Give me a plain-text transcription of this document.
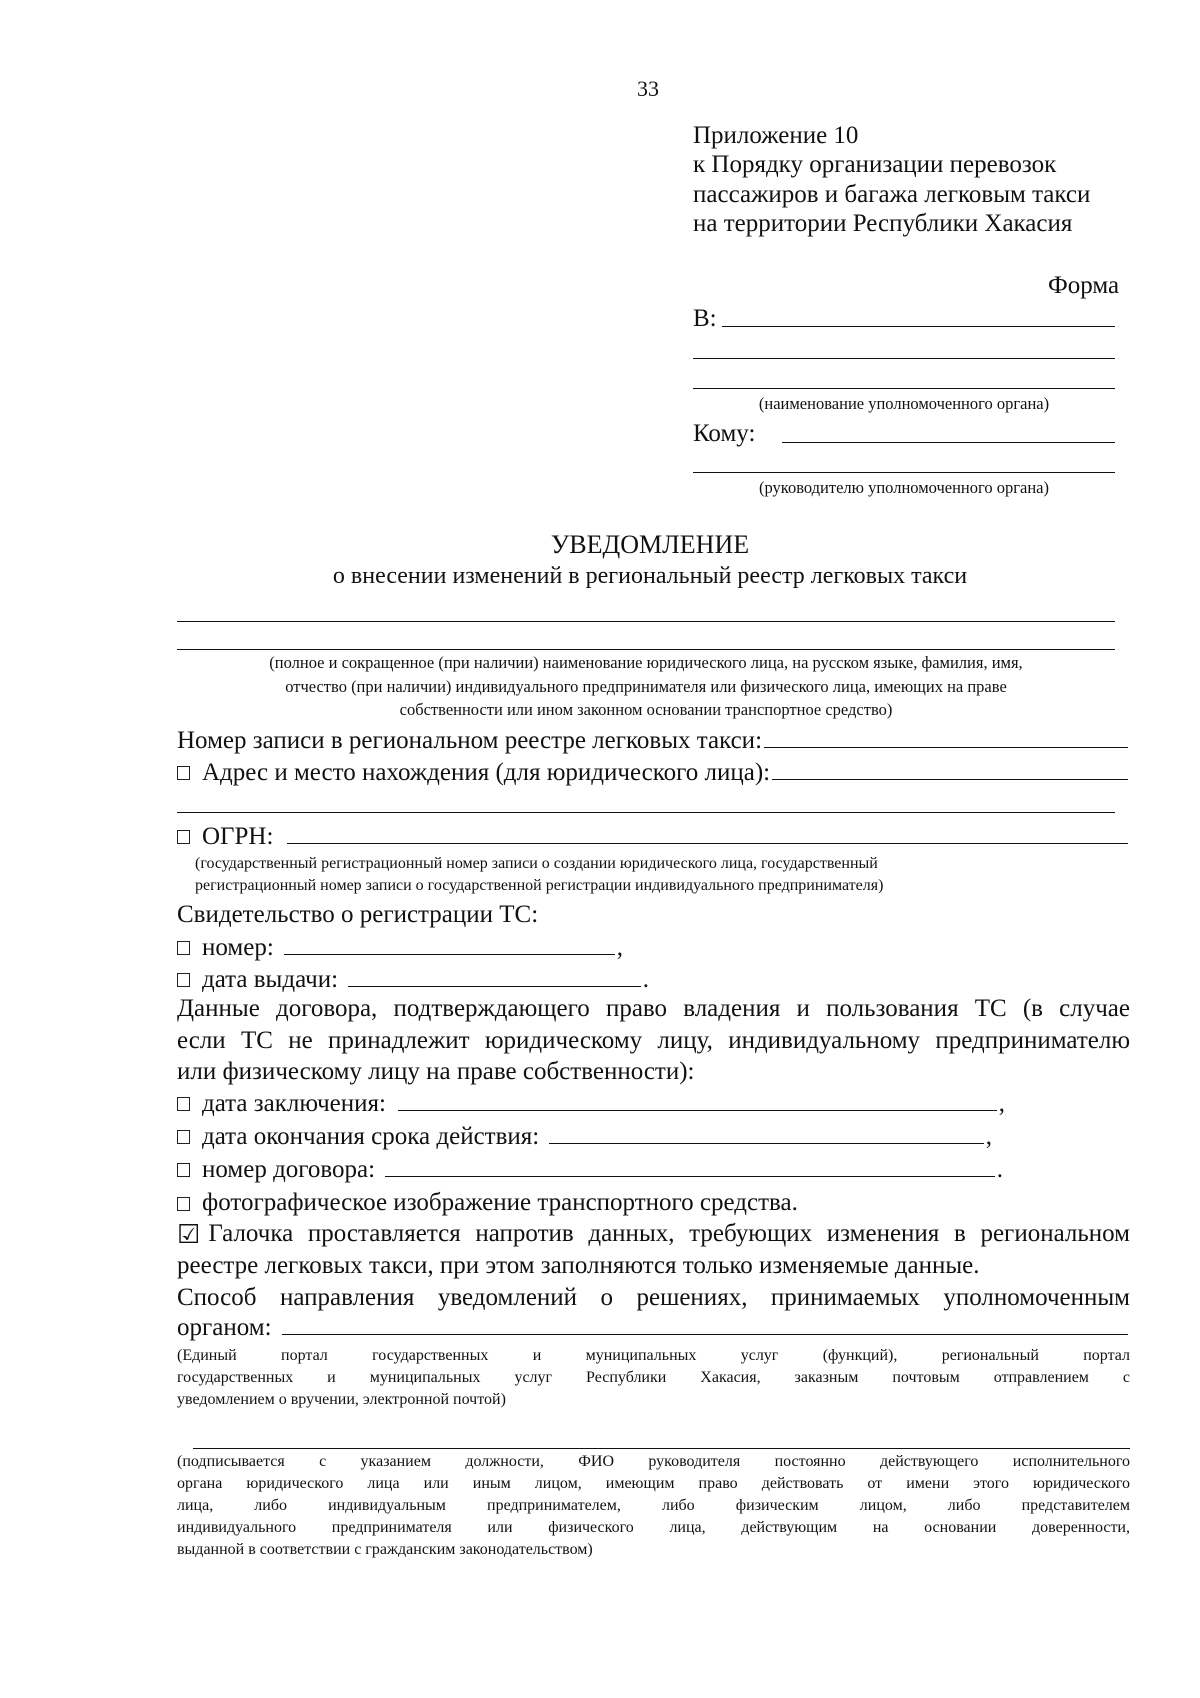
33
Приложение 10
к Порядку организации перевозок
пассажиров и багажа легковым такси
на территории Республики Хакасия
Форма
В:
(наименование уполномоченного органа)
Кому:
(руководителю уполномоченного органа)
УВЕДОМЛЕНИЕ
о внесении изменений в региональный реестр легковых такси
(полное и сокращенное (при наличии) наименование юридического лица, на русском языке, фамилия, имя,
отчество (при наличии) индивидуального предпринимателя или физического лица, имеющих на праве
собственности или ином законном основании транспортное средство)
Номер записи в региональном реестре легковых такси:
Адрес и место нахождения (для юридического лица):
ОГРН:
(государственный регистрационный номер записи о создании юридического лица, государственный
регистрационный номер записи о государственной регистрации индивидуального предпринимателя)
Свидетельство о регистрации ТС:
номер:	,
дата выдачи:	.
Данные договора, подтверждающего право владения и пользования ТС (в случае
если ТС не принадлежит юридическому лицу, индивидуальному предпринимателю
или физическому лицу на праве собственности):
дата заключения:	,
дата окончания срока действия:	,
номер договора:	.
фотографическое изображение транспортного средства.
☑ Галочка проставляется напротив данных, требующих изменения в региональном
реестре легковых такси, при этом заполняются только изменяемые данные.
Способ направления уведомлений о решениях, принимаемых уполномоченным
органом:
(Единый портал государственных и муниципальных услуг (функций), региональный портал
государственных и муниципальных услуг Республики Хакасия, заказным почтовым отправлением с
уведомлением о вручении, электронной почтой)
(подписывается с указанием должности, ФИО руководителя постоянно действующего исполнительного
органа юридического лица или иным лицом, имеющим право действовать от имени этого юридического
лица, либо индивидуальным предпринимателем, либо физическим лицом, либо представителем
индивидуального предпринимателя или физического лица, действующим на основании доверенности,
выданной в соответствии с гражданским законодательством)
